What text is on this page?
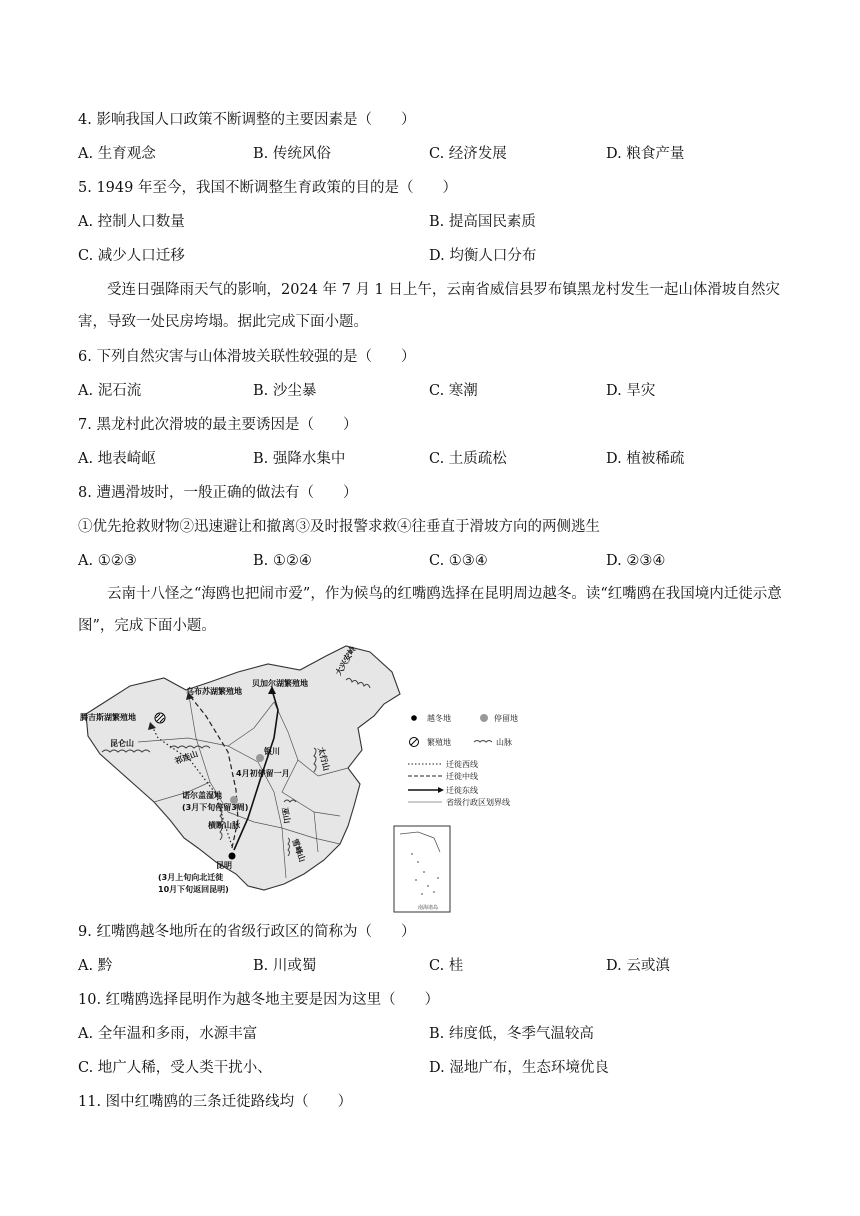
4. 影响我国人口政策不断调整的主要因素是（　　）
A. 生育观念	B. 传统风俗	C. 经济发展	D. 粮食产量
5. 1949 年至今，我国不断调整生育政策的目的是（　　）
A. 控制人口数量	B. 提高国民素质
C. 减少人口迁移	D. 均衡人口分布
受连日强降雨天气的影响，2024 年 7 月 1 日上午，云南省威信县罗布镇黑龙村发生一起山体滑坡自然灾害，导致一处民房垮塌。据此完成下面小题。
6. 下列自然灾害与山体滑坡关联性较强的是（　　）
A. 泥石流	B. 沙尘暴	C. 寒潮	D. 旱灾
7. 黑龙村此次滑坡的最主要诱因是（　　）
A. 地表崎岖	B. 强降水集中	C. 土质疏松	D. 植被稀疏
8. 遭遇滑坡时，一般正确的做法有（　　）
①优先抢救财物②迅速避让和撤离③及时报警求救④往垂直于滑坡方向的两侧逃生
A. ①②③	B. ①②④	C. ①③④	D. ②③④
云南十八怪之“海鸥也把闹市爱”，作为候鸟的红嘴鸥选择在昆明周边越冬。读“红嘴鸥在我国境内迁徙示意图”，完成下面小题。
乌布苏湖繁殖地
贝加尔湖繁殖地
腾吉斯湖繁殖地
昆仑山
祁连山	银川
4月初停留一月
诺尔盖湿地
(3月下旬停留3周)
横断山脉
昆明
(3月上旬向北迁徙
10月下旬返回昆明)
大兴安岭
太行山
巫山
雪峰山
越冬地	停留地
繁殖地	山脉
迁徙西线
迁徙中线
迁徙东线
省级行政区划界线
南海诸岛
9. 红嘴鸥越冬地所在的省级行政区的简称为（　　）
A. 黔	B. 川或蜀	C. 桂	D. 云或滇
10. 红嘴鸥选择昆明作为越冬地主要是因为这里（　　）
A. 全年温和多雨，水源丰富	B. 纬度低，冬季气温较高
C. 地广人稀，受人类干扰小、	D. 湿地广布，生态环境优良
11. 图中红嘴鸥的三条迁徙路线均（　　）
